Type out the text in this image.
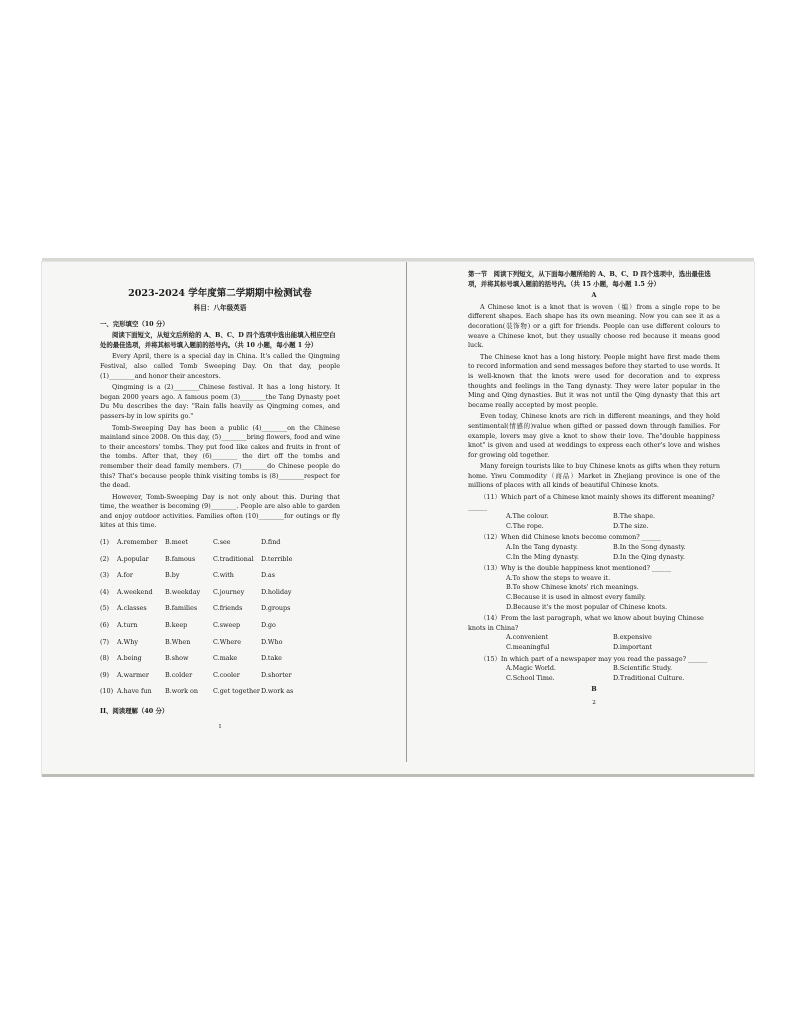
2023-2024 学年度第二学期期中检测试卷
科目：八年级英语
一、完形填空（10 分）
阅读下面短文，从短文后所给的 A、B、C、D 四个选项中选出能填入相应空白处的最佳选项，并将其标号填入题前的括号内。（共 10 小题，每小题 1 分）
Every April, there is a special day in China. It's called the Qingming Festival, also called Tomb Sweeping Day. On that day, people (1)________and honor their ancestors.
Qingming is a (2)________Chinese festival. It has a long history. It began 2000 years ago. A famous poem (3)________the Tang Dynasty poet Du Mu describes the day: "Rain falls heavily as Qingming comes, and passers-by in low spirits go."
Tomb-Sweeping Day has been a public (4)________on the Chinese mainland since 2008. On this day, (5)________bring flowers, food and wine to their ancestors' tombs. They put food like cakes and fruits in front of the tombs. After that, they (6)________ the dirt off the tombs and remember their dead family members. (7)________do Chinese people do this? That's because people think visiting tombs is (8)________respect for the dead.
However, Tomb-Sweeping Day is not only about this. During that time, the weather is becoming (9)________. People are also able to garden and enjoy outdoor activities. Families often (10)________for outings or fly kites at this time.
(1)	A.remember	B.meet	C.see	D.find
(2)	A.popular	B.famous	C.traditional	D.terrible
(3)	A.for	B.by	C.with	D.as
(4)	A.weekend	B.weekday	C.journey	D.holiday
(5)	A.classes	B.families	C.friends	D.groups
(6)	A.turn	B.keep	C.sweep	D.go
(7)	A.Why	B.When	C.Where	D.Who
(8)	A.being	B.show	C.make	D.take
(9)	A.warmer	B.colder	C.cooler	D.shorter
(10) A.have fun	B.work on	C.get together D.work as
II、阅读理解（40 分）
1
第一节　阅读下列短文，从下面每小题所给的 A、B、C、D 四个选项中，选出最佳选项，并将其标号填入题前的括号内。（共 15 小题，每小题 1.5 分）
A
A Chinese knot is a knot that is woven（编）from a single rope to be different shapes. Each shape has its own meaning. Now you can see it as a decoration(装饰物) or a gift for friends. People can use different colours to weave a Chinese knot, but they usually choose red because it means good luck.
The Chinese knot has a long history. People might have first made them to record information and send messages before they started to use words. It is well-known that the knots were used for decoration and to express thoughts and feelings in the Tang dynasty. They were later popular in the Ming and Qing dynasties. But it was not until the Qing dynasty that this art became really accepted by most people.
Even today, Chinese knots are rich in different meanings, and they hold sentimental(情感的)value when gifted or passed down through families. For example, lovers may give a knot to show their love. The"double happiness knot" is given and used at weddings to express each other's love and wishes for growing old together.
Many foreign tourists like to buy Chinese knots as gifts when they return home. Yiwu Commodity（商品）Market in Zhejiang province is one of the millions of places with all kinds of beautiful Chinese knots.
（11）Which part of a Chinese knot mainly shows its different meaning? ______
A.The colour.	B.The shape.
C.The rope.	D.The size.
（12）When did Chinese knots become common? ______
A.In the Tang dynasty.	B.In the Song dynasty.
C.In the Ming dynasty.	D.In the Qing dynasty.
（13）Why is the double happiness knot mentioned? ______
A.To show the steps to weave it.
B.To show Chinese knots' rich meanings.
C.Because it is used in almost every family.
D.Because it's the most popular of Chinese knots.
（14）From the last paragraph, what we know about buying Chinese knots in China?
A.convenient	B.expensive
C.meaningful	D.important
（15）In which part of a newspaper may you read the passage? ______
A.Magic World.	B.Scientific Study.
C.School Time.	D.Traditional Culture.
B
2
